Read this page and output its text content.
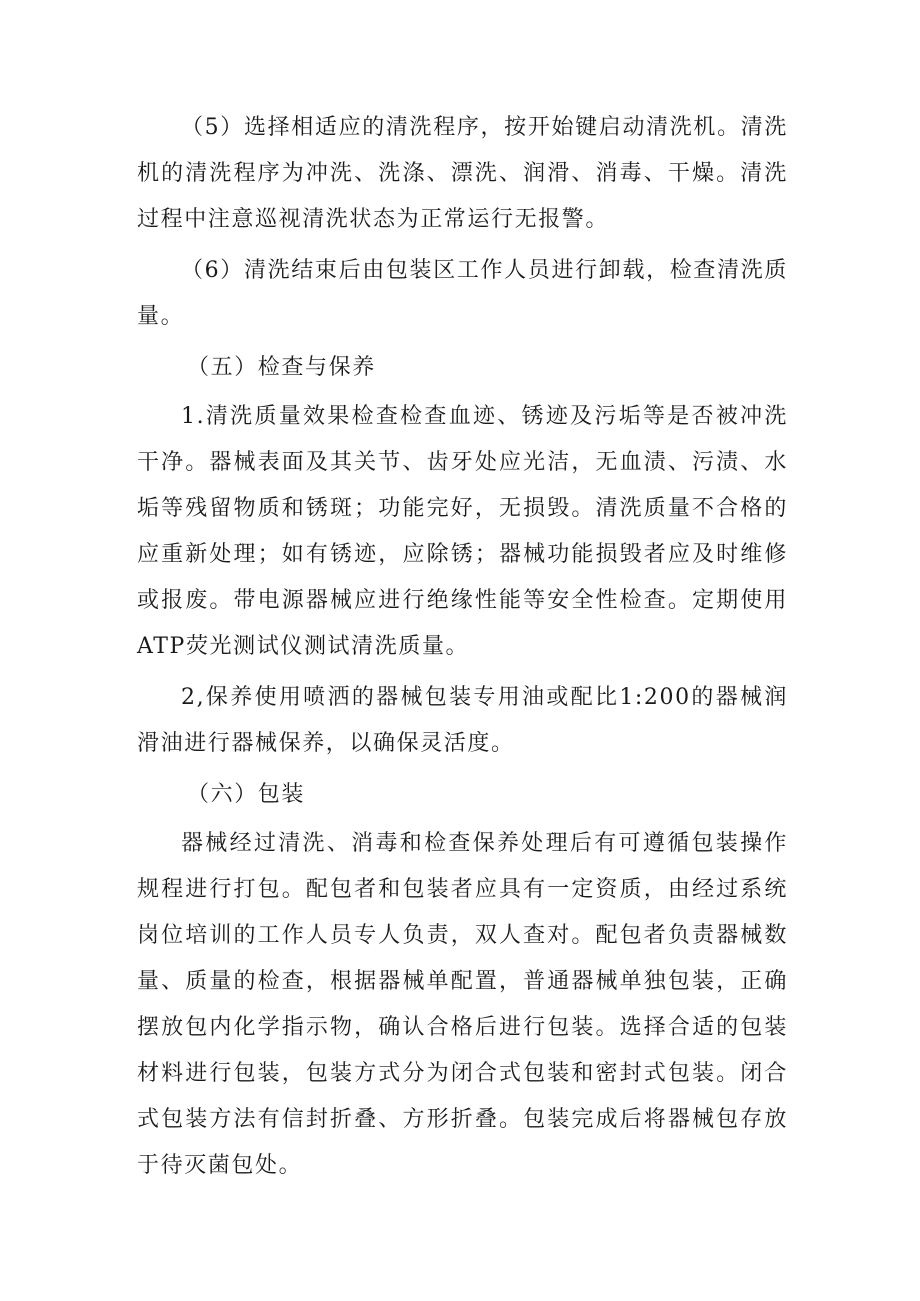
（5）选择相适应的清洗程序，按开始键启动清洗机。清洗机的清洗程序为冲洗、洗涤、漂洗、润滑、消毒、干燥。清洗过程中注意巡视清洗状态为正常运行无报警。

（6）清洗结束后由包装区工作人员进行卸载，检查清洗质量。

（五）检查与保养

1.清洗质量效果检查检查血迹、锈迹及污垢等是否被冲洗干净。器械表面及其关节、齿牙处应光洁，无血渍、污渍、水垢等残留物质和锈斑；功能完好，无损毁。清洗质量不合格的应重新处理；如有锈迹，应除锈；器械功能损毁者应及时维修或报废。带电源器械应进行绝缘性能等安全性检查。定期使用ATP荧光测试仪测试清洗质量。

2,保养使用喷洒的器械包装专用油或配比1:200的器械润滑油进行器械保养，以确保灵活度。

（六）包装

器械经过清洗、消毒和检查保养处理后有可遵循包装操作规程进行打包。配包者和包装者应具有一定资质，由经过系统岗位培训的工作人员专人负责，双人查对。配包者负责器械数量、质量的检查，根据器械单配置，普通器械单独包装，正确摆放包内化学指示物，确认合格后进行包装。选择合适的包装材料进行包装，包装方式分为闭合式包装和密封式包装。闭合式包装方法有信封折叠、方形折叠。包装完成后将器械包存放于待灭菌包处。
